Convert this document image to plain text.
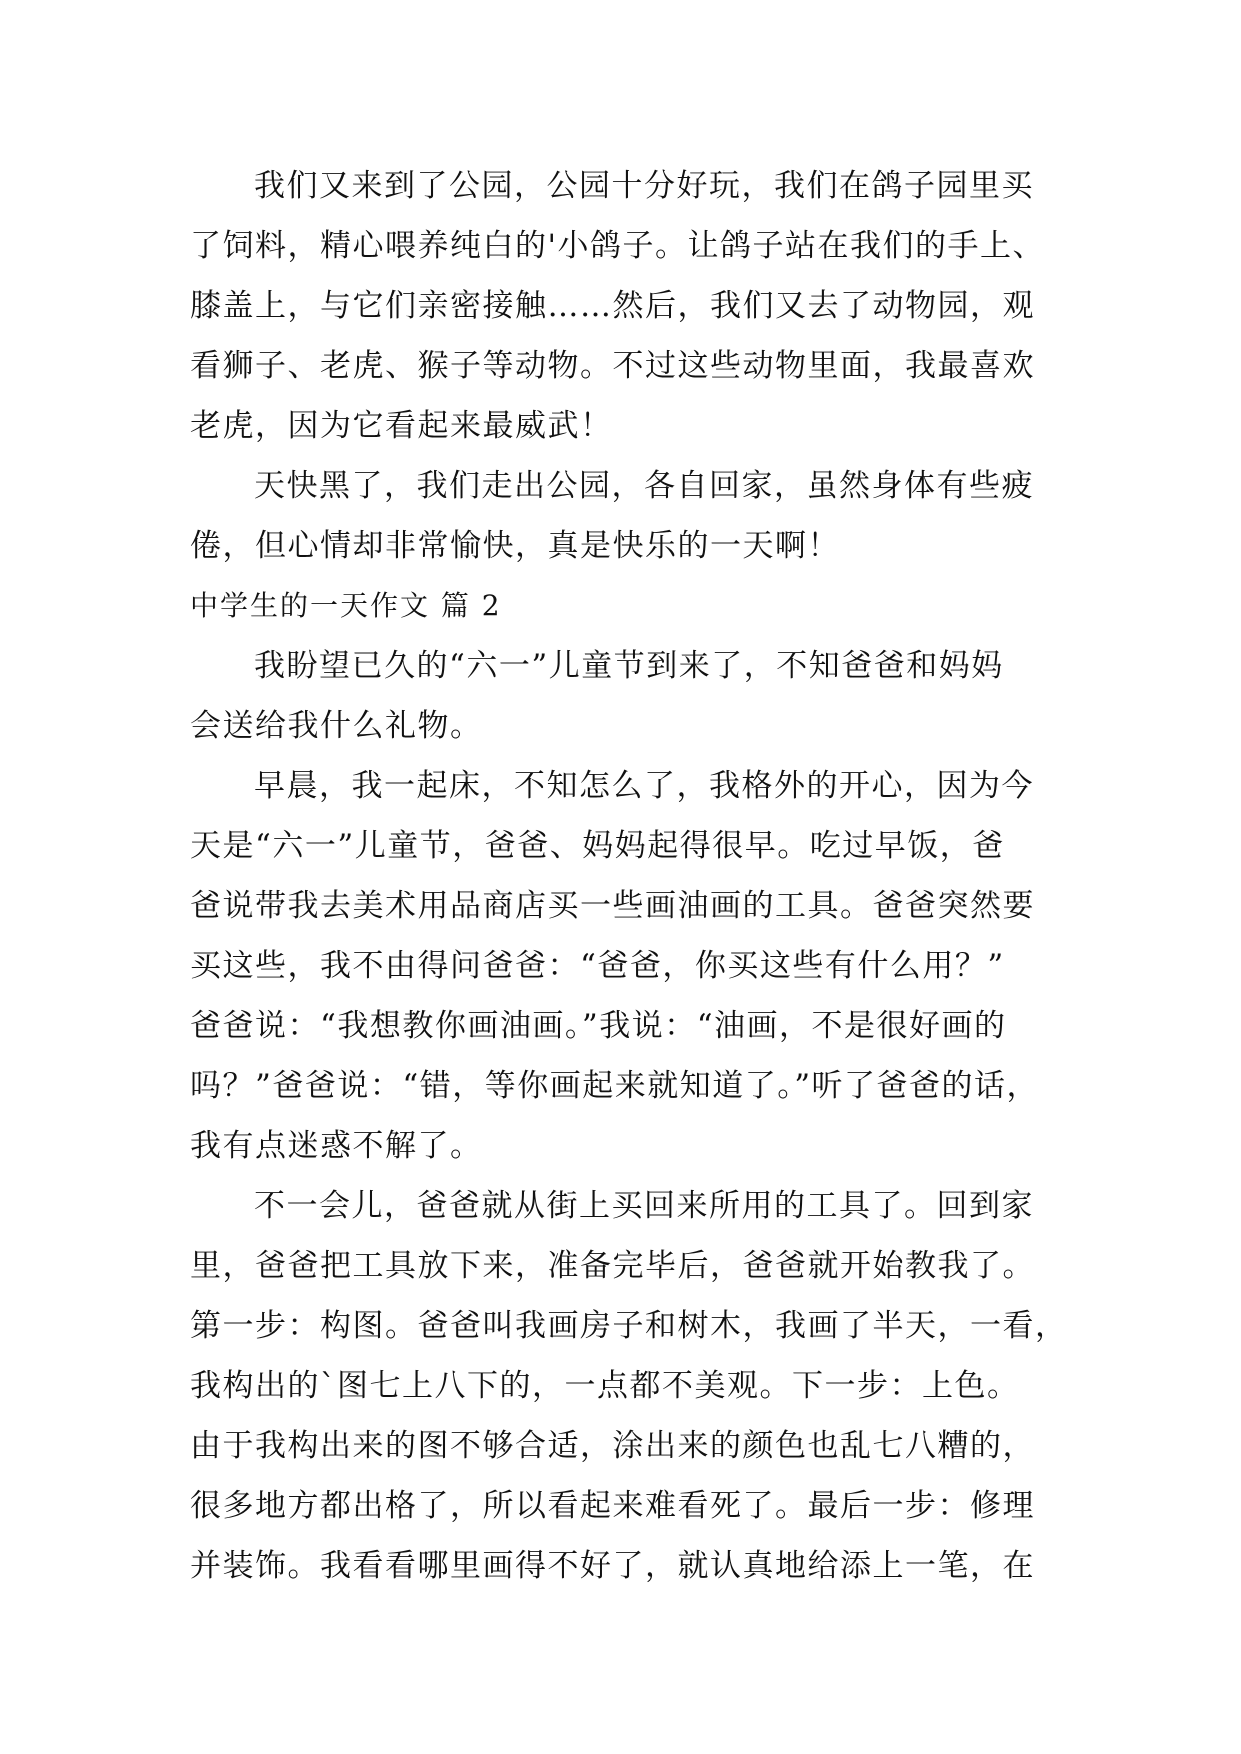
我们又来到了公园，公园十分好玩，我们在鸽子园里买
了饲料，精心喂养纯白的'小鸽子。让鸽子站在我们的手上、
膝盖上，与它们亲密接触……然后，我们又去了动物园，观
看狮子、老虎、猴子等动物。不过这些动物里面，我最喜欢
老虎，因为它看起来最威武！
天快黑了，我们走出公园，各自回家，虽然身体有些疲
倦，但心情却非常愉快，真是快乐的一天啊！
中学生的一天作文 篇 2
我盼望已久的“六一”儿童节到来了，不知爸爸和妈妈
会送给我什么礼物。
早晨，我一起床，不知怎么了，我格外的开心，因为今
天是“六一”儿童节，爸爸、妈妈起得很早。吃过早饭，爸
爸说带我去美术用品商店买一些画油画的工具。爸爸突然要
买这些，我不由得问爸爸：“爸爸，你买这些有什么用？”
爸爸说：“我想教你画油画。”我说：“油画，不是很好画的
吗？”爸爸说：“错，等你画起来就知道了。”听了爸爸的话，
我有点迷惑不解了。
不一会儿，爸爸就从街上买回来所用的工具了。回到家
里，爸爸把工具放下来，准备完毕后，爸爸就开始教我了。
第一步：构图。爸爸叫我画房子和树木，我画了半天，一看，
我构出的`图七上八下的，一点都不美观。下一步：上色。
由于我构出来的图不够合适，涂出来的颜色也乱七八糟的，
很多地方都出格了，所以看起来难看死了。最后一步：修理
并装饰。我看看哪里画得不好了，就认真地给添上一笔，在
